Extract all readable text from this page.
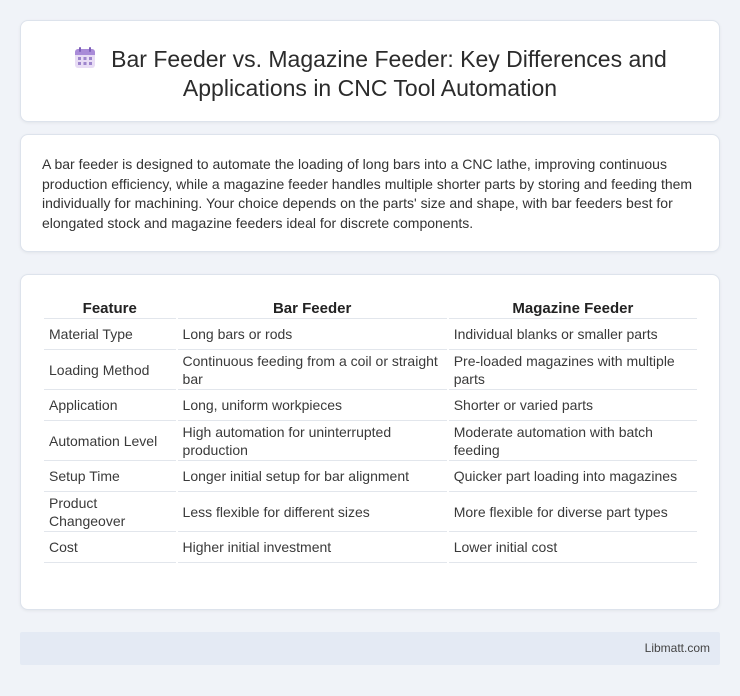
Bar Feeder vs. Magazine Feeder: Key Differences and Applications in CNC Tool Automation

A bar feeder is designed to automate the loading of long bars into a CNC lathe, improving continuous production efficiency, while a magazine feeder handles multiple shorter parts by storing and feeding them individually for machining. Your choice depends on the parts' size and shape, with bar feeders best for elongated stock and magazine feeders ideal for discrete components.

Feature	Bar Feeder	Magazine Feeder
Material Type	Long bars or rods	Individual blanks or smaller parts
Loading Method	Continuous feeding from a coil or straight bar	Pre-loaded magazines with multiple parts
Application	Long, uniform workpieces	Shorter or varied parts
Automation Level	High automation for uninterrupted production	Moderate automation with batch feeding
Setup Time	Longer initial setup for bar alignment	Quicker part loading into magazines
Product Changeover	Less flexible for different sizes	More flexible for diverse part types
Cost	Higher initial investment	Lower initial cost
Libmatt.com
